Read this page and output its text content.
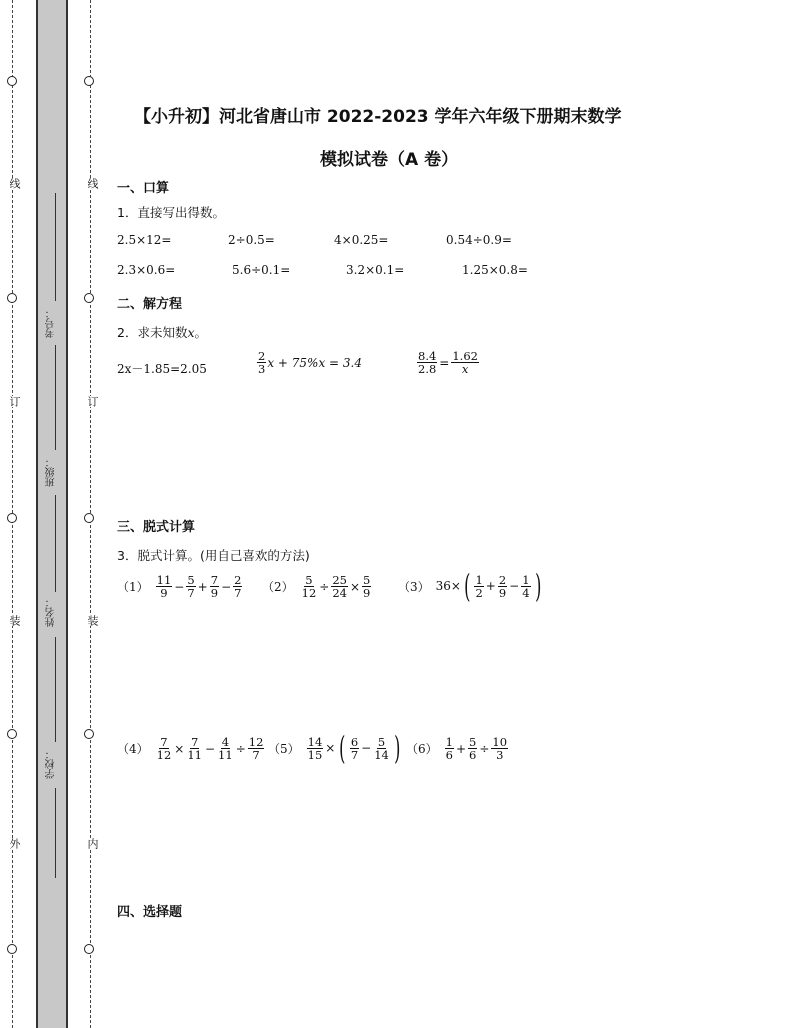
线
订
装
外
线
订
装
内
考号：
班级：
姓名：
学校：
【小升初】河北省唐山市 2022-2023 学年六年级下册期末数学
模拟试卷（A 卷）
一、口算
1．直接写出得数。
2.5×12=	2÷0.5=	4×0.25=	0.54÷0.9=
2.3×0.6=	5.6÷0.1=	3.2×0.1=	1.25×0.8=
二、解方程
2．求未知数x。
2x－1.85=2.05	$\frac{2}{3}$ x + 75%x = 3.4	$\frac{8.4}{2.8} = \frac{1.62}{x}$
三、脱式计算
3．脱式计算。(用自己喜欢的方法)
$(1) \frac{11}{9} - \frac{5}{7} + \frac{7}{9} - \frac{2}{7} (2) \frac{5}{12} \div \frac{25}{24} \times \frac{5}{9} (3)$ 36× ( $\frac{1}{2} + \frac{2}{9} - \frac{1}{4}$ )
$(4) \frac{7}{12} \times \frac{7}{11} - \frac{4}{11} \div \frac{12}{7} (5) \frac{14}{15}$ × ( $\frac{6}{7} - \frac{5}{14}$ ) $(6) \frac{1}{6} + \frac{5}{6} \div \frac{10}{3}$
四、选择题
